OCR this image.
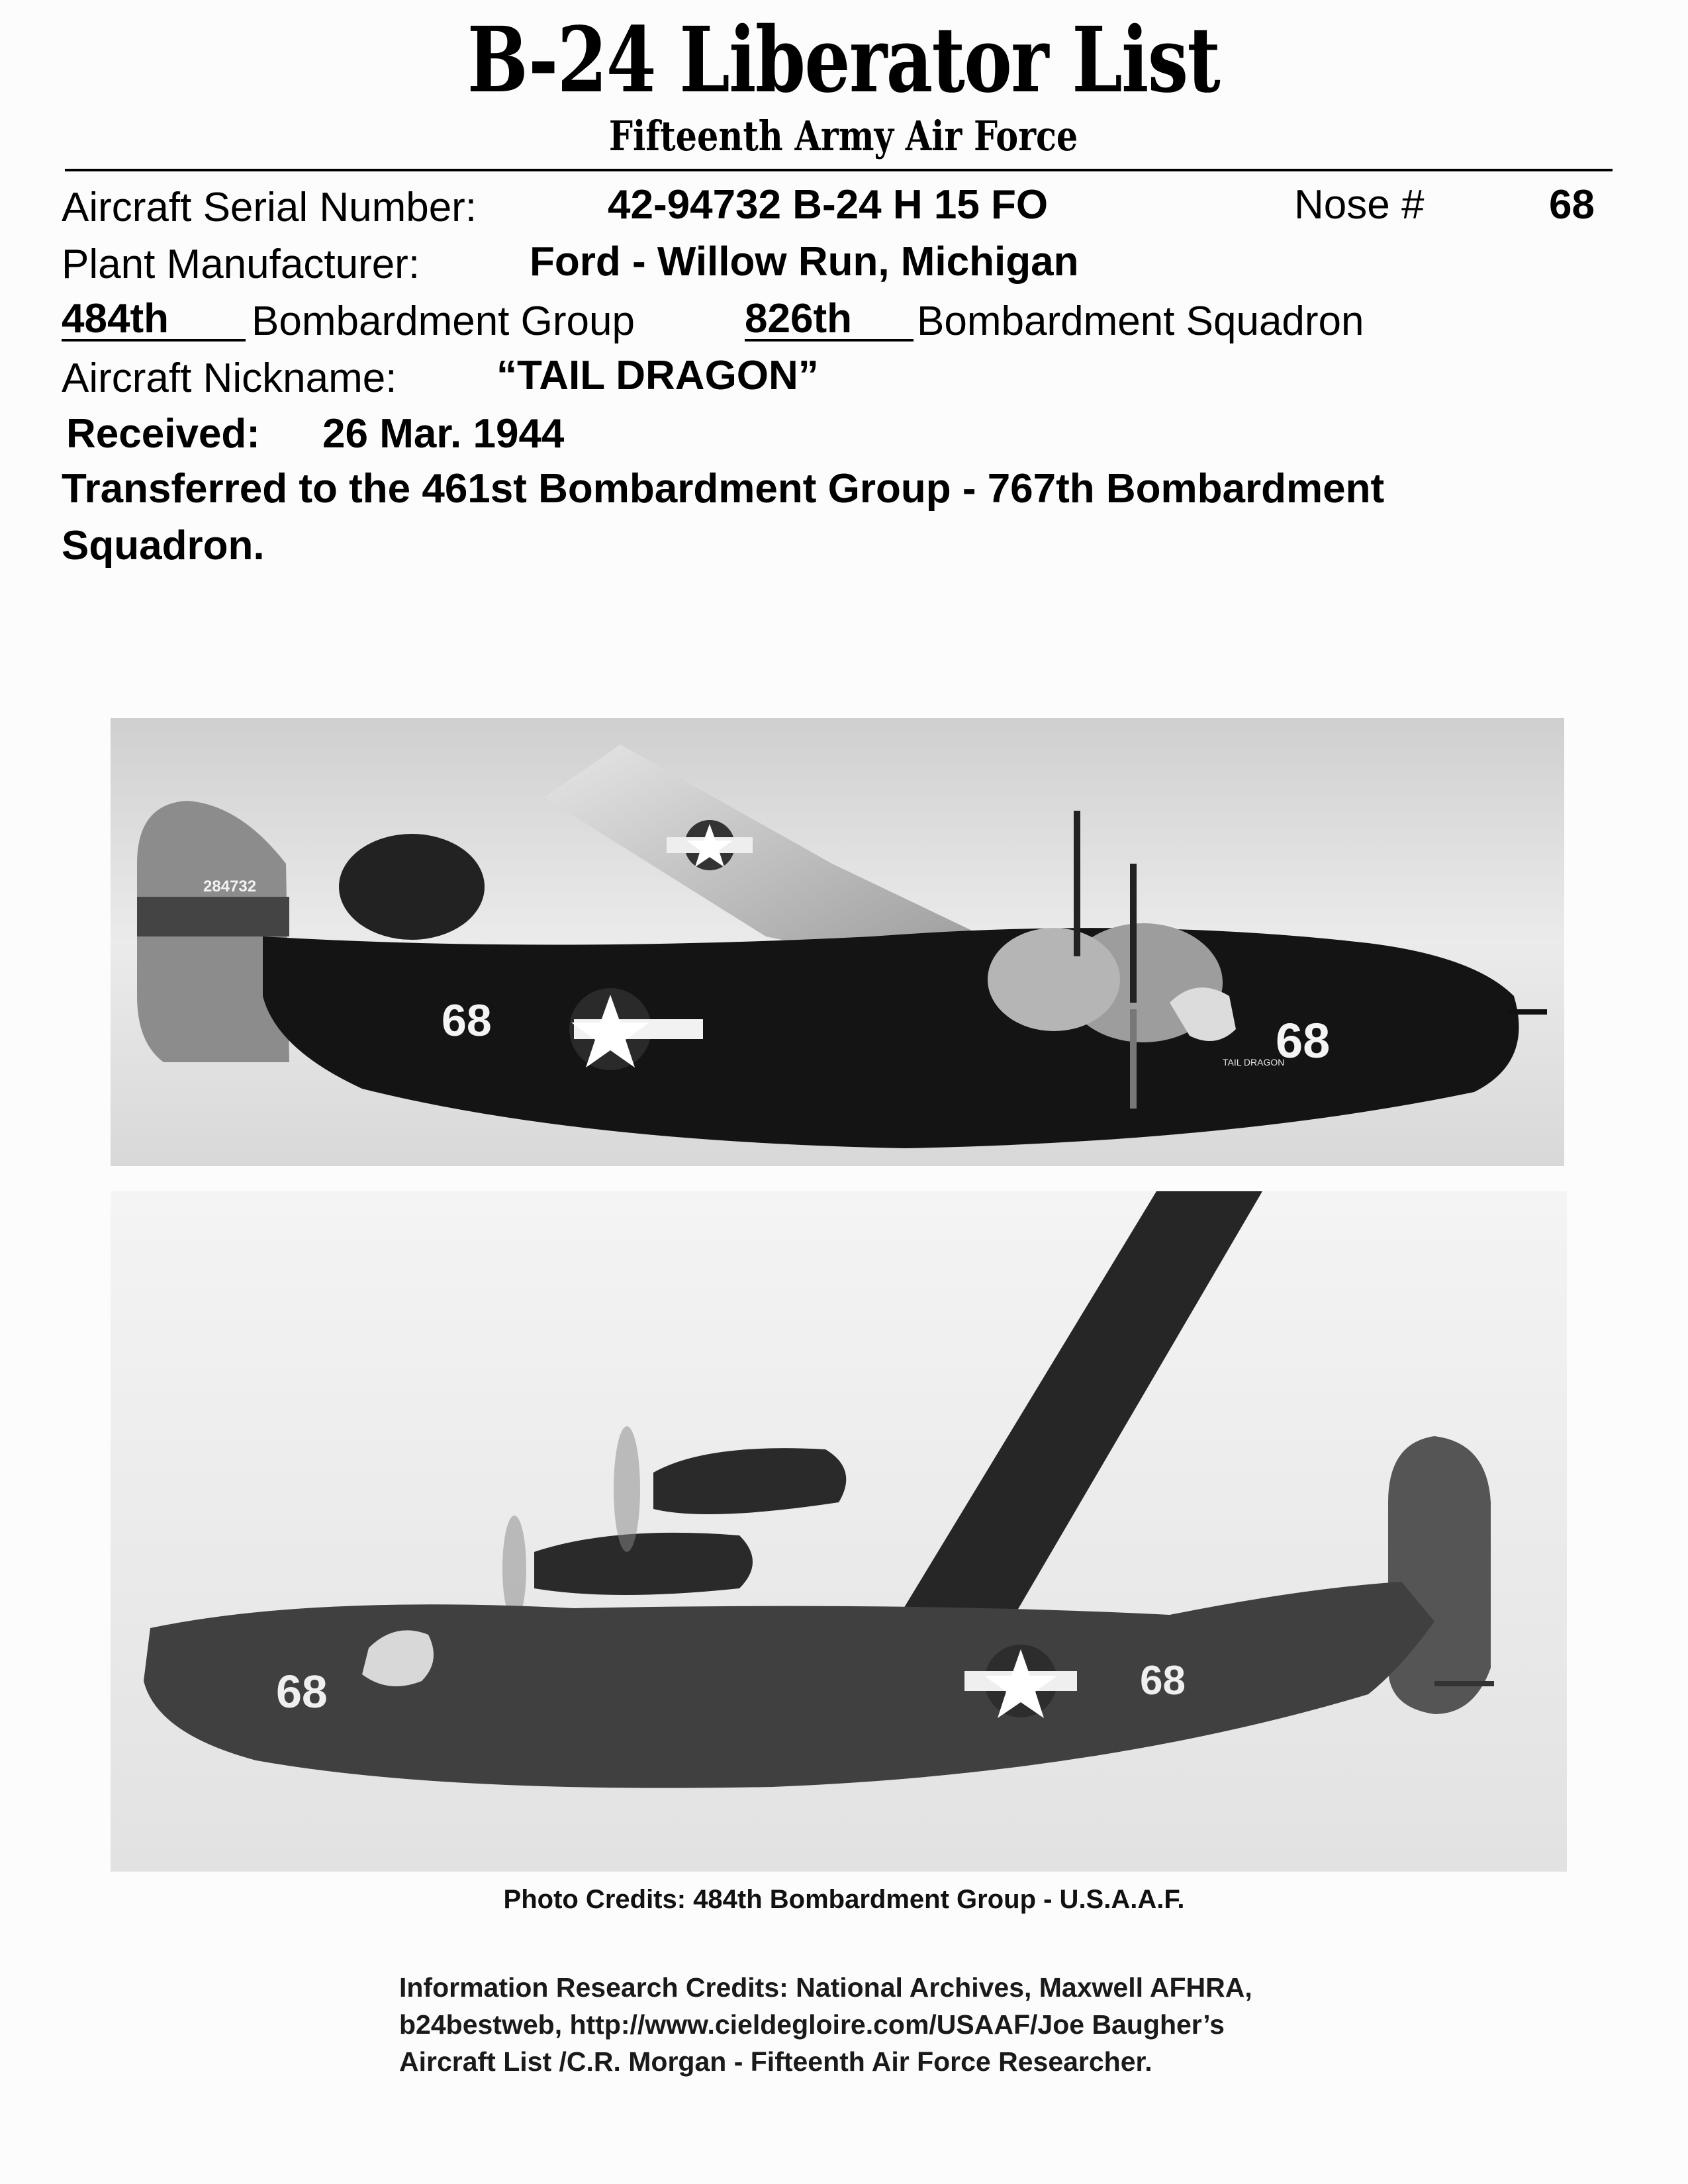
B-24 Liberator List
Fifteenth Army Air Force
Aircraft Serial Number:	42-94732 B-24 H 15 FO	Nose #	68
Plant Manufacturer:	Ford - Willow Run, Michigan
484th	Bombardment Group	826th	Bombardment Squadron
Aircraft Nickname: “TAIL DRAGON”
Received: 26 Mar. 1944
Transferred to the 461st Bombardment Group - 767th Bombardment
Squadron.
284732
68	68
TAIL DRAGON
68	68
Photo Credits: 484th Bombardment Group - U.S.A.A.F.
Information Research Credits: National Archives, Maxwell AFHRA,
b24bestweb, http://www.cieldegloire.com/USAAF/Joe Baugher’s
Aircraft List /C.R. Morgan - Fifteenth Air Force Researcher.
